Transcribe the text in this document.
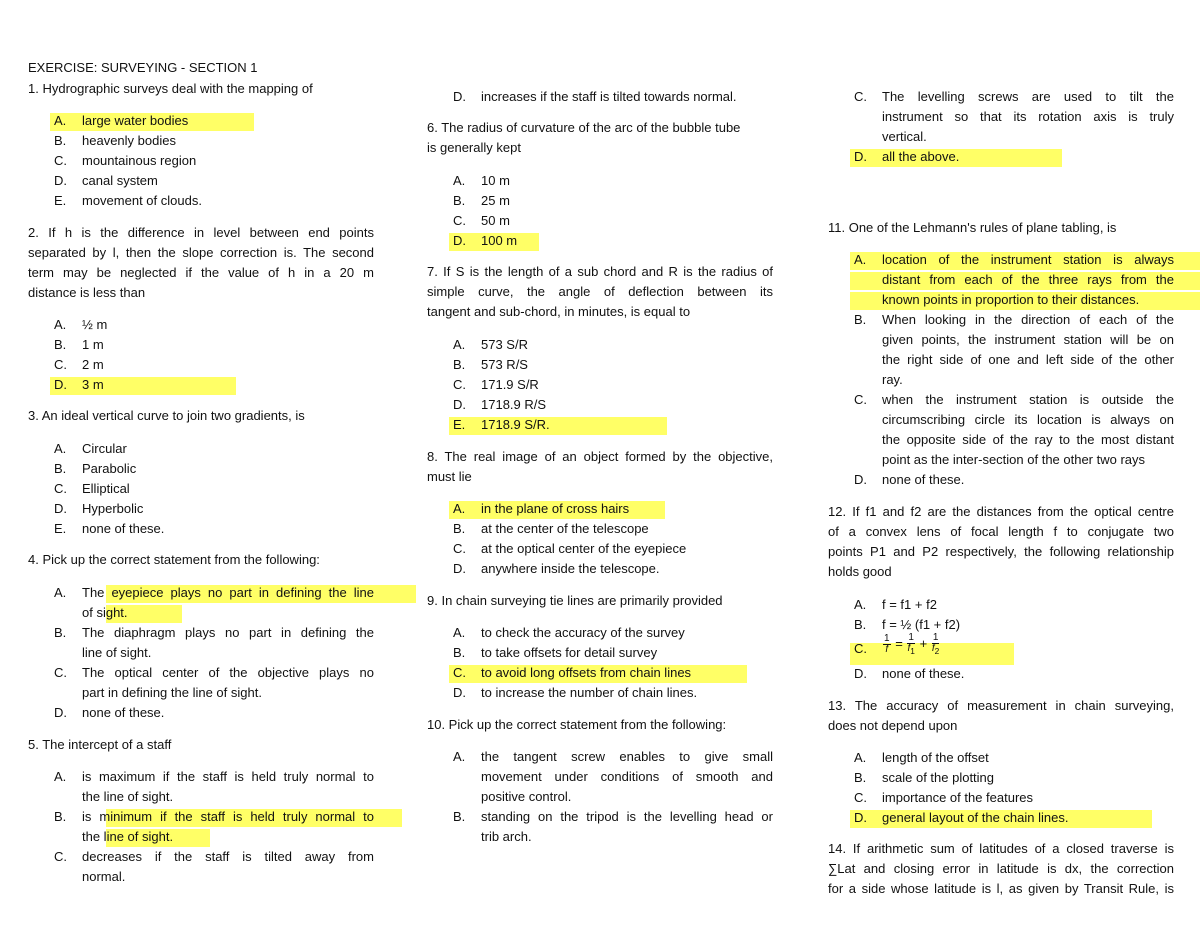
EXERCISE: SURVEYING - SECTION 1
1. Hydrographic surveys deal with the mapping of
A. large water bodies
B. heavenly bodies
C. mountainous region
D. canal system
E. movement of clouds.
2. If h is the difference in level between end points
separated by l, then the slope correction is. The second
term may be neglected if the value of h in a 20 m
distance is less than
A. ½ m
B. 1 m
C. 2 m
D. 3 m
3. An ideal vertical curve to join two gradients, is
A. Circular
B. Parabolic
C. Elliptical
D. Hyperbolic
E. none of these.
4. Pick up the correct statement from the following:
A. The eyepiece plays no part in defining the line
of sight.
B. The diaphragm plays no part in defining the
line of sight.
C. The optical center of the objective plays no
part in defining the line of sight.
D. none of these.
5. The intercept of a staff
A. is maximum if the staff is held truly normal to
the line of sight.
B. is minimum if the staff is held truly normal to
the line of sight.
C. decreases if the staff is tilted away from
normal.
D. increases if the staff is tilted towards normal.
6. The radius of curvature of the arc of the bubble tube
is generally kept
A. 10 m
B. 25 m
C. 50 m
D. 100 m
7. If S is the length of a sub chord and R is the radius of
simple curve, the angle of deflection between its
tangent and sub-chord, in minutes, is equal to
A. 573 S/R
B. 573 R/S
C. 171.9 S/R
D. 1718.9 R/S
E. 1718.9 S/R.
8. The real image of an object formed by the objective,
must lie
A. in the plane of cross hairs
B. at the center of the telescope
C. at the optical center of the eyepiece
D. anywhere inside the telescope.
9. In chain surveying tie lines are primarily provided
A. to check the accuracy of the survey
B. to take offsets for detail survey
C. to avoid long offsets from chain lines
D. to increase the number of chain lines.
10. Pick up the correct statement from the following:
A. the tangent screw enables to give small
movement under conditions of smooth and
positive control.
B. standing on the tripod is the levelling head or
trib arch.
C. The levelling screws are used to tilt the
instrument so that its rotation axis is truly
vertical.
D. all the above.
11. One of the Lehmann's rules of plane tabling, is
A. location of the instrument station is always
distant from each of the three rays from the
known points in proportion to their distances.
B. When looking in the direction of each of the
given points, the instrument station will be on
the right side of one and left side of the other
ray.
C. when the instrument station is outside the
circumscribing circle its location is always on
the opposite side of the ray to the most distant
point as the inter-section of the other two rays
D. none of these.
12. If f1 and f2 are the distances from the optical centre
of a convex lens of focal length f to conjugate two
points P1 and P2 respectively, the following relationship
holds good
A. f = f1 + f2
B. f = ½ (f1 + f2)
C. $\frac{1}{f} = \frac{1}{f_1} + \frac{1}{f_2}$
D. none of these.
13. The accuracy of measurement in chain surveying,
does not depend upon
A. length of the offset
B. scale of the plotting
C. importance of the features
D. general layout of the chain lines.
14. If arithmetic sum of latitudes of a closed traverse is
∑Lat and closing error in latitude is dx, the correction
for a side whose latitude is l, as given by Transit Rule, is
